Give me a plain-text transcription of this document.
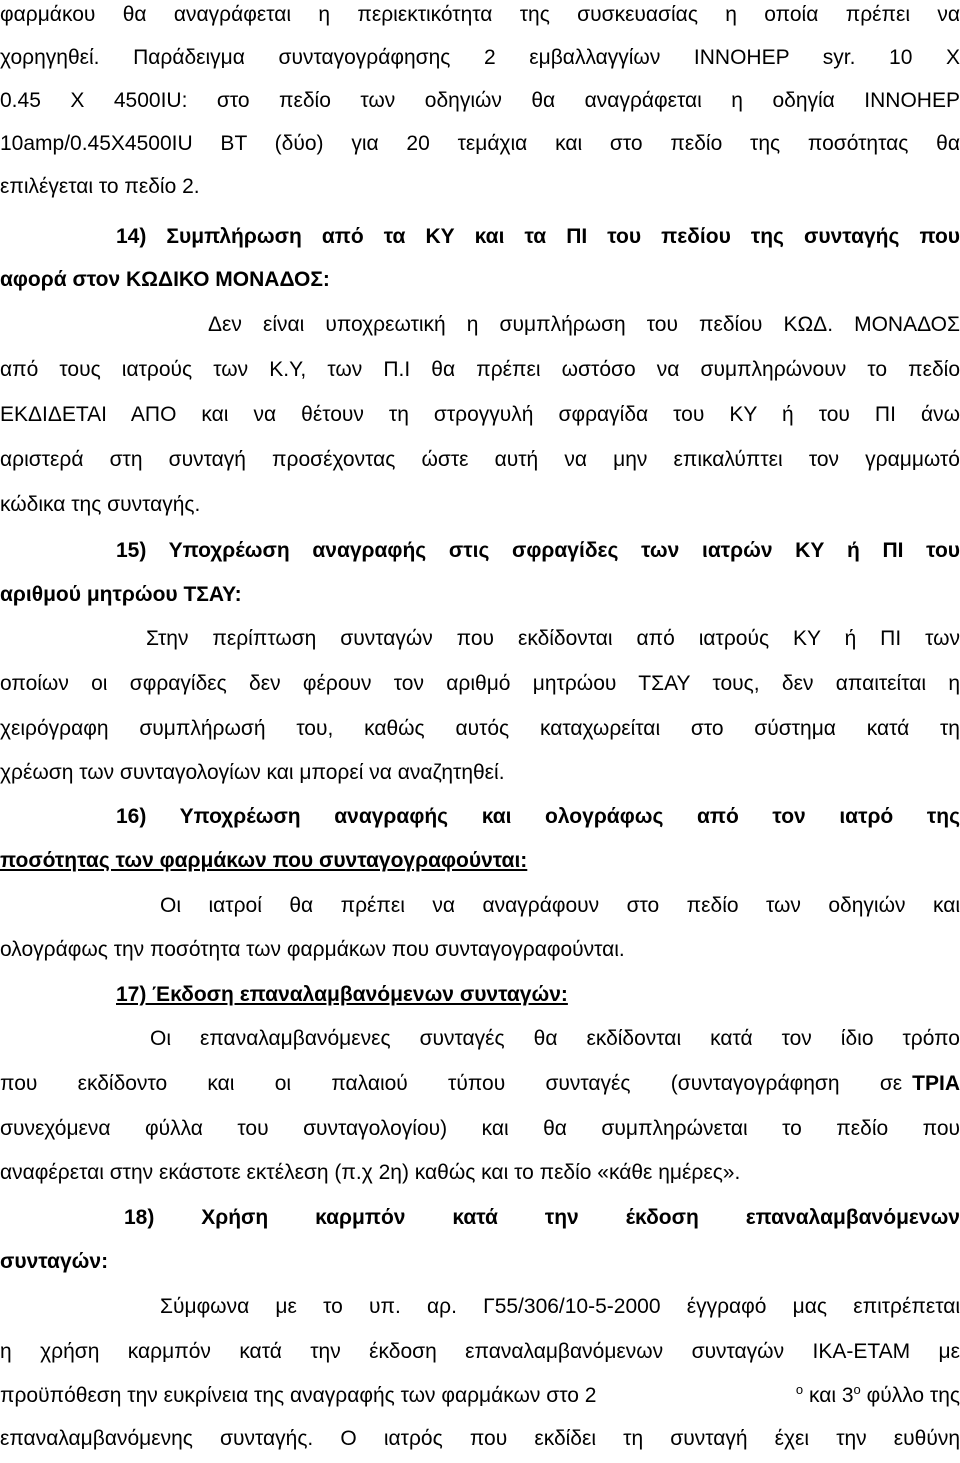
φαρμάκου θα αναγράφεται η περιεκτικότητα της συσκευασίας η οποία πρέπει να
χορηγηθεί. Παράδειγμα συνταγογράφησης 2 εμβαλλαγγίων INNOHEP syr. 10 X
0.45 X 4500IU: στο πεδίο των οδηγιών θα αναγράφεται η οδηγία INNOHEP
10amp/0.45X4500IU BT (δύο) για 20 τεμάχια και στο πεδίο της ποσότητας θα
επιλέγεται το πεδίο 2.
14) Συμπλήρωση από τα ΚΥ και τα ΠΙ του πεδίου της συνταγής που
αφορά στον ΚΩΔΙΚΟ ΜΟΝΑΔΟΣ:
Δεν είναι υποχρεωτική η συμπλήρωση του πεδίου ΚΩΔ. ΜΟΝΑΔΟΣ
από τους ιατρούς των Κ.Υ, των Π.Ι θα πρέπει ωστόσο να συμπληρώνουν το πεδίο
ΕΚΔΙΔΕΤΑΙ ΑΠΟ και να θέτουν τη στρογγυλή σφραγίδα του ΚΥ ή του ΠΙ άνω
αριστερά στη συνταγή προσέχοντας ώστε αυτή να μην επικαλύπτει τον γραμμωτό
κώδικα της συνταγής.
15) Υποχρέωση αναγραφής στις σφραγίδες των ιατρών ΚΥ ή ΠΙ του
αριθμού μητρώου ΤΣΑΥ:
Στην περίπτωση συνταγών που εκδίδονται από ιατρούς ΚΥ ή ΠΙ των
οποίων οι σφραγίδες δεν φέρουν τον αριθμό μητρώου ΤΣΑΥ τους, δεν απαιτείται η
χειρόγραφη συμπλήρωσή του, καθώς αυτός καταχωρείται στο σύστημα κατά τη
χρέωση των συνταγολογίων και μπορεί να αναζητηθεί.
16) Υποχρέωση αναγραφής και ολογράφως από τον ιατρό της
ποσότητας των φαρμάκων που συνταγογραφούνται:
Οι ιατροί θα πρέπει να αναγράφουν στο πεδίο των οδηγιών και
ολογράφως την ποσότητα των φαρμάκων που συνταγογραφούνται.
17) Έκδοση επαναλαμβανόμενων συνταγών:
Οι επαναλαμβανόμενες συνταγές θα εκδίδονται κατά τον ίδιο τρόπο
που εκδίδοντο και οι παλαιού τύπου συνταγές (συνταγογράφηση σε ΤΡΙΑ
συνεχόμενα φύλλα του συνταγολογίου) και θα συμπληρώνεται το πεδίο που
αναφέρεται στην εκάστοτε εκτέλεση (π.χ 2η) καθώς και το πεδίο «κάθε ημέρες».
18) Χρήση καρμπόν κατά την έκδοση επαναλαμβανόμενων
συνταγών:
Σύμφωνα με το υπ. αρ. Γ55/306/10-5-2000 έγγραφό μας επιτρέπεται
η χρήση καρμπόν κατά την έκδοση επαναλαμβανόμενων συνταγών ΙΚΑ-ΕΤΑΜ με
προϋπόθεση την ευκρίνεια της αναγραφής των φαρμάκων στο 2	$^o$ και $3^o$ φύλλο της
επαναλαμβανόμενης συνταγής. Ο ιατρός που εκδίδει τη συνταγή έχει την ευθύνη
